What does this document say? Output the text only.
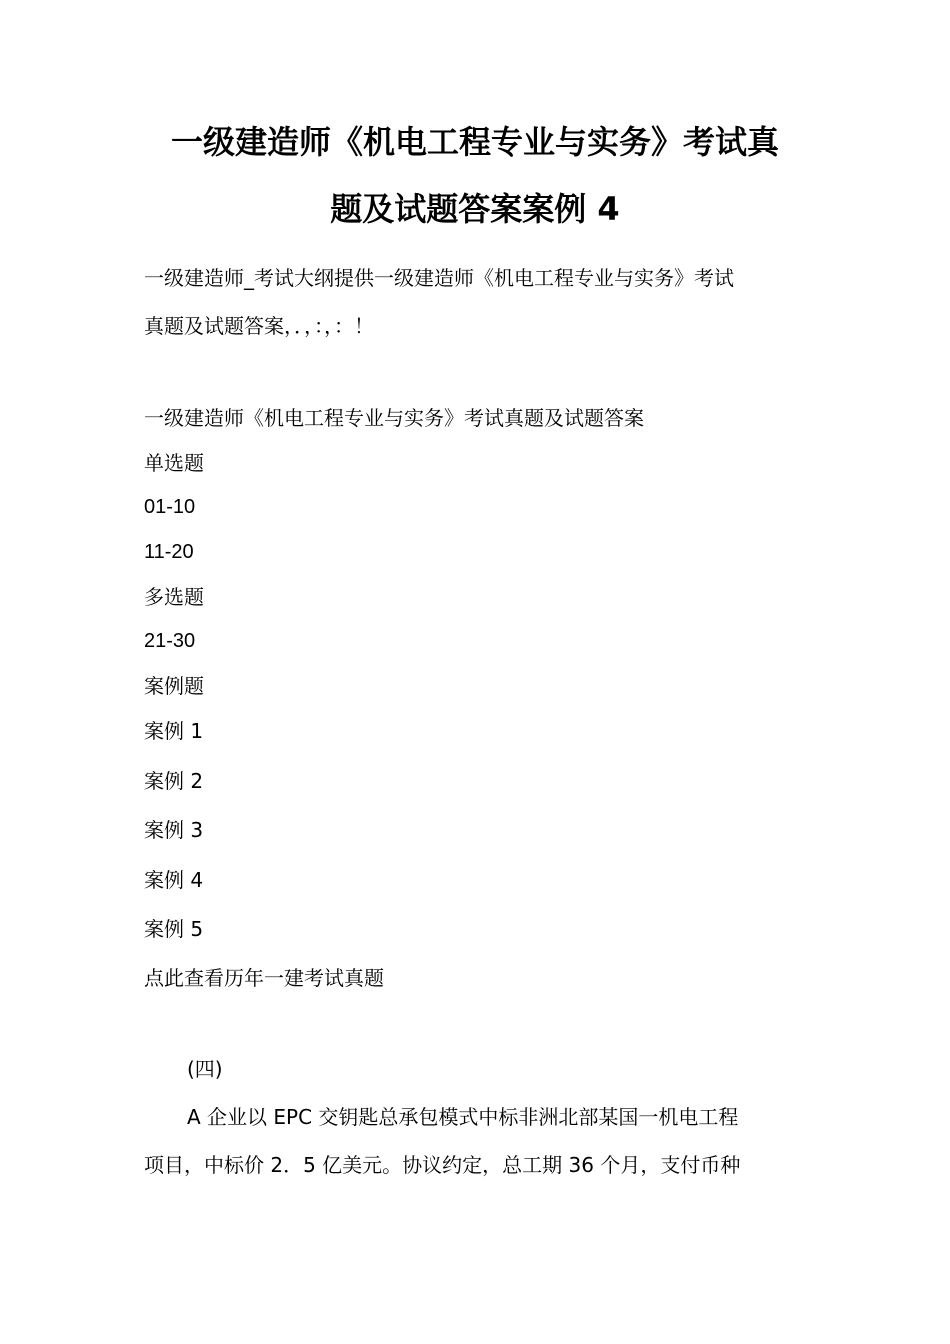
一级建造师《机电工程专业与实务》考试真
题及试题答案案例 4
一级建造师_考试大纲提供一级建造师《机电工程专业与实务》考试
真题及试题答案，．，：，：！
一级建造师《机电工程专业与实务》考试真题及试题答案
单选题
01-10
11-20
多选题
21-30
案例题
案例 1
案例 2
案例 3
案例 4
案例 5
点此查看历年一建考试真题
(四)
A 企业以 EPC 交钥匙总承包模式中标非洲北部某国一机电工程
项目，中标价 2．5 亿美元。协议约定，总工期 36 个月，支付币种
